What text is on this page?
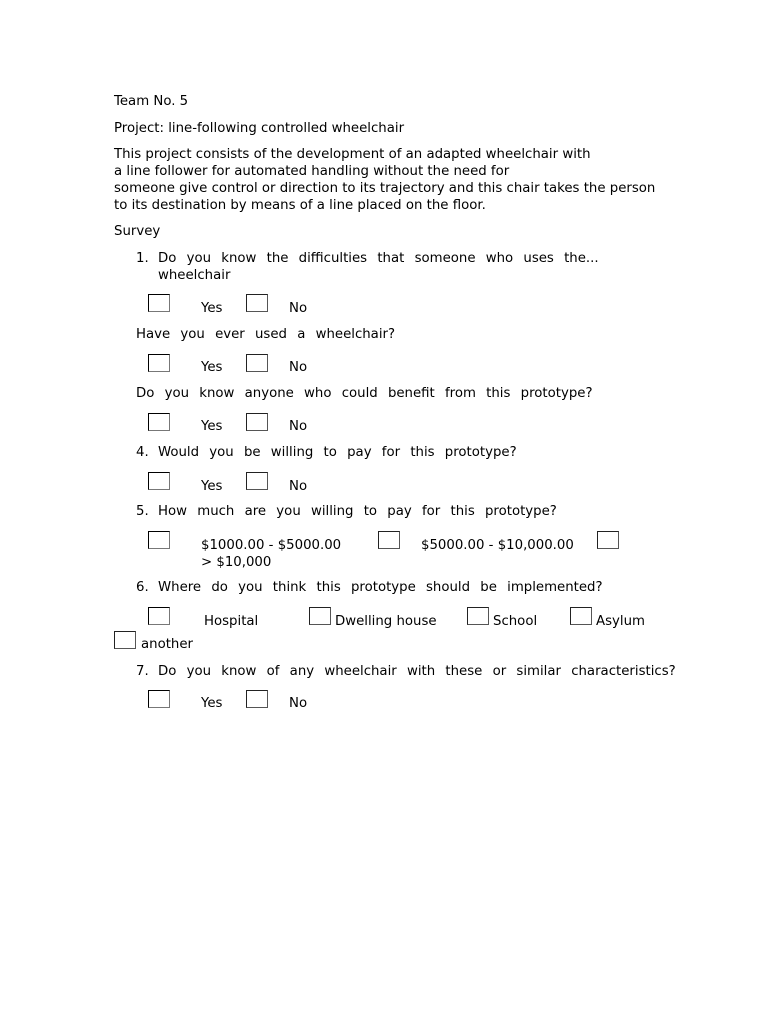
Team No. 5
Project: line-following controlled wheelchair
This project consists of the development of an adapted wheelchair with
a line follower for automated handling without the need for
someone give control or direction to its trajectory and this chair takes the person
to its destination by means of a line placed on the floor.
Survey
1. Do you know the difficulties that someone who uses the...
wheelchair
Yes	No
Have you ever used a wheelchair?
Yes	No
Do you know anyone who could benefit from this prototype?
Yes	No
4. Would you be willing to pay for this prototype?
Yes	No
5. How much are you willing to pay for this prototype?
$1000.00 - $5000.00	$5000.00 - $10,000.00
> $10,000
6. Where do you think this prototype should be implemented?
Hospital	Dwelling house	School	Asylum
another
7. Do you know of any wheelchair with these or similar characteristics?
Yes	No
